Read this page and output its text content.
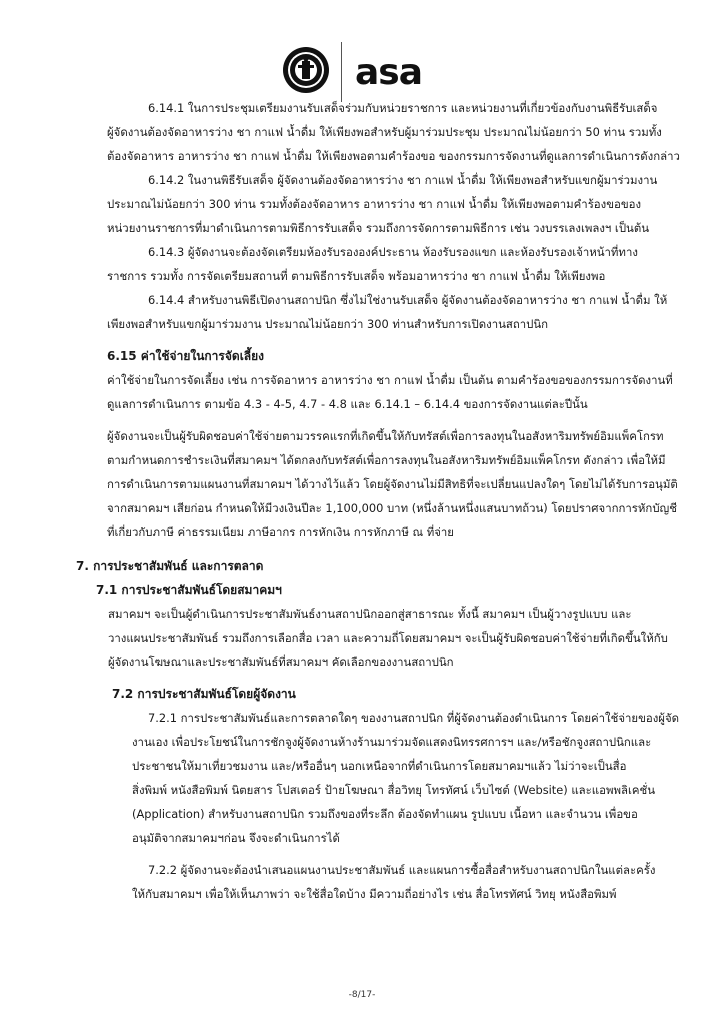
asa

6.14.1 ในการประชุมเตรียมงานรับเสด็จร่วมกับหน่วยราชการ และหน่วยงานที่เกี่ยวข้องกับงานพิธีรับเสด็จ

ผู้จัดงานต้องจัดอาหารว่าง ชา กาแฟ น้ำดื่ม ให้เพียงพอสำหรับผู้มาร่วมประชุม ประมาณไม่น้อยกว่า 50 ท่าน รวมทั้ง

ต้องจัดอาหาร อาหารว่าง ชา กาแฟ น้ำดื่ม ให้เพียงพอตามคำร้องขอ ของกรรมการจัดงานที่ดูแลการดำเนินการดังกล่าว

6.14.2 ในงานพิธีรับเสด็จ ผู้จัดงานต้องจัดอาหารว่าง ชา กาแฟ น้ำดื่ม ให้เพียงพอสำหรับแขกผู้มาร่วมงาน

ประมาณไม่น้อยกว่า 300 ท่าน รวมทั้งต้องจัดอาหาร อาหารว่าง ชา กาแฟ น้ำดื่ม ให้เพียงพอตามคำร้องขอของ

หน่วยงานราชการที่มาดำเนินการตามพิธีการรับเสด็จ รวมถึงการจัดการตามพิธีการ เช่น วงบรรเลงเพลงฯ เป็นต้น

6.14.3 ผู้จัดงานจะต้องจัดเตรียมห้องรับรององค์ประธาน ห้องรับรองแขก และห้องรับรองเจ้าหน้าที่ทาง

ราชการ รวมทั้ง การจัดเตรียมสถานที่ ตามพิธีการรับเสด็จ พร้อมอาหารว่าง ชา กาแฟ น้ำดื่ม ให้เพียงพอ

6.14.4 สำหรับงานพิธีเปิดงานสถาปนิก ซึ่งไม่ใช่งานรับเสด็จ ผู้จัดงานต้องจัดอาหารว่าง ชา กาแฟ น้ำดื่ม ให้

เพียงพอสำหรับแขกผู้มาร่วมงาน ประมาณไม่น้อยกว่า 300 ท่านสำหรับการเปิดงานสถาปนิก

6.15 ค่าใช้จ่ายในการจัดเลี้ยง

ค่าใช้จ่ายในการจัดเลี้ยง เช่น การจัดอาหาร อาหารว่าง ชา กาแฟ น้ำดื่ม เป็นต้น ตามคำร้องขอของกรรมการจัดงานที่

ดูแลการดำเนินการ ตามข้อ 4.3 - 4-5, 4.7 - 4.8 และ 6.14.1 – 6.14.4 ของการจัดงานแต่ละปีนั้น

ผู้จัดงานจะเป็นผู้รับผิดชอบค่าใช้จ่ายตามวรรคแรกที่เกิดขึ้นให้กับทรัสต์เพื่อการลงทุนในอสังหาริมทรัพย์อิมแพ็คโกรท

ตามกำหนดการชำระเงินที่สมาคมฯ ได้ตกลงกับทรัสต์เพื่อการลงทุนในอสังหาริมทรัพย์อิมแพ็คโกรท ดังกล่าว เพื่อให้มี

การดำเนินการตามแผนงานที่สมาคมฯ ได้วางไว้แล้ว โดยผู้จัดงานไม่มีสิทธิที่จะเปลี่ยนแปลงใดๆ โดยไม่ได้รับการอนุมัติ

จากสมาคมฯ เสียก่อน กำหนดให้มีวงเงินปีละ 1,100,000 บาท (หนึ่งล้านหนึ่งแสนบาทถ้วน) โดยปราศจากการหักบัญชี

ที่เกี่ยวกับภาษี ค่าธรรมเนียม ภาษีอากร การหักเงิน การหักภาษี ณ ที่จ่าย

7. การประชาสัมพันธ์ และการตลาด

7.1 การประชาสัมพันธ์โดยสมาคมฯ

สมาคมฯ จะเป็นผู้ดำเนินการประชาสัมพันธ์งานสถาปนิกออกสู่สาธารณะ ทั้งนี้ สมาคมฯ เป็นผู้วางรูปแบบ และ

วางแผนประชาสัมพันธ์ รวมถึงการเลือกสื่อ เวลา และความถี่โดยสมาคมฯ จะเป็นผู้รับผิดชอบค่าใช้จ่ายที่เกิดขึ้นให้กับ

ผู้จัดงานโฆษณาและประชาสัมพันธ์ที่สมาคมฯ คัดเลือกของงานสถาปนิก

7.2 การประชาสัมพันธ์โดยผู้จัดงาน

7.2.1 การประชาสัมพันธ์และการตลาดใดๆ ของงานสถาปนิก ที่ผู้จัดงานต้องดำเนินการ โดยค่าใช้จ่ายของผู้จัด

งานเอง เพื่อประโยชน์ในการชักจูงผู้จัดงานห้างร้านมาร่วมจัดแสดงนิทรรศการฯ และ/หรือชักจูงสถาปนิกและ

ประชาชนให้มาเที่ยวชมงาน และ/หรืออื่นๆ นอกเหนือจากที่ดำเนินการโดยสมาคมฯแล้ว ไม่ว่าจะเป็นสื่อ

สิ่งพิมพ์ หนังสือพิมพ์ นิตยสาร โปสเตอร์ ป้ายโฆษณา สื่อวิทยุ โทรทัศน์ เว็บไซต์ (Website) และแอพพลิเคชั่น

(Application) สำหรับงานสถาปนิก รวมถึงของที่ระลึก ต้องจัดทำแผน รูปแบบ เนื้อหา และจำนวน เพื่อขอ

อนุมัติจากสมาคมฯก่อน จึงจะดำเนินการได้

7.2.2 ผู้จัดงานจะต้องนำเสนอแผนงานประชาสัมพันธ์ และแผนการซื้อสื่อสำหรับงานสถาปนิกในแต่ละครั้ง

ให้กับสมาคมฯ เพื่อให้เห็นภาพว่า จะใช้สื่อใดบ้าง มีความถี่อย่างไร เช่น สื่อโทรทัศน์ วิทยุ หนังสือพิมพ์

-8/17-
